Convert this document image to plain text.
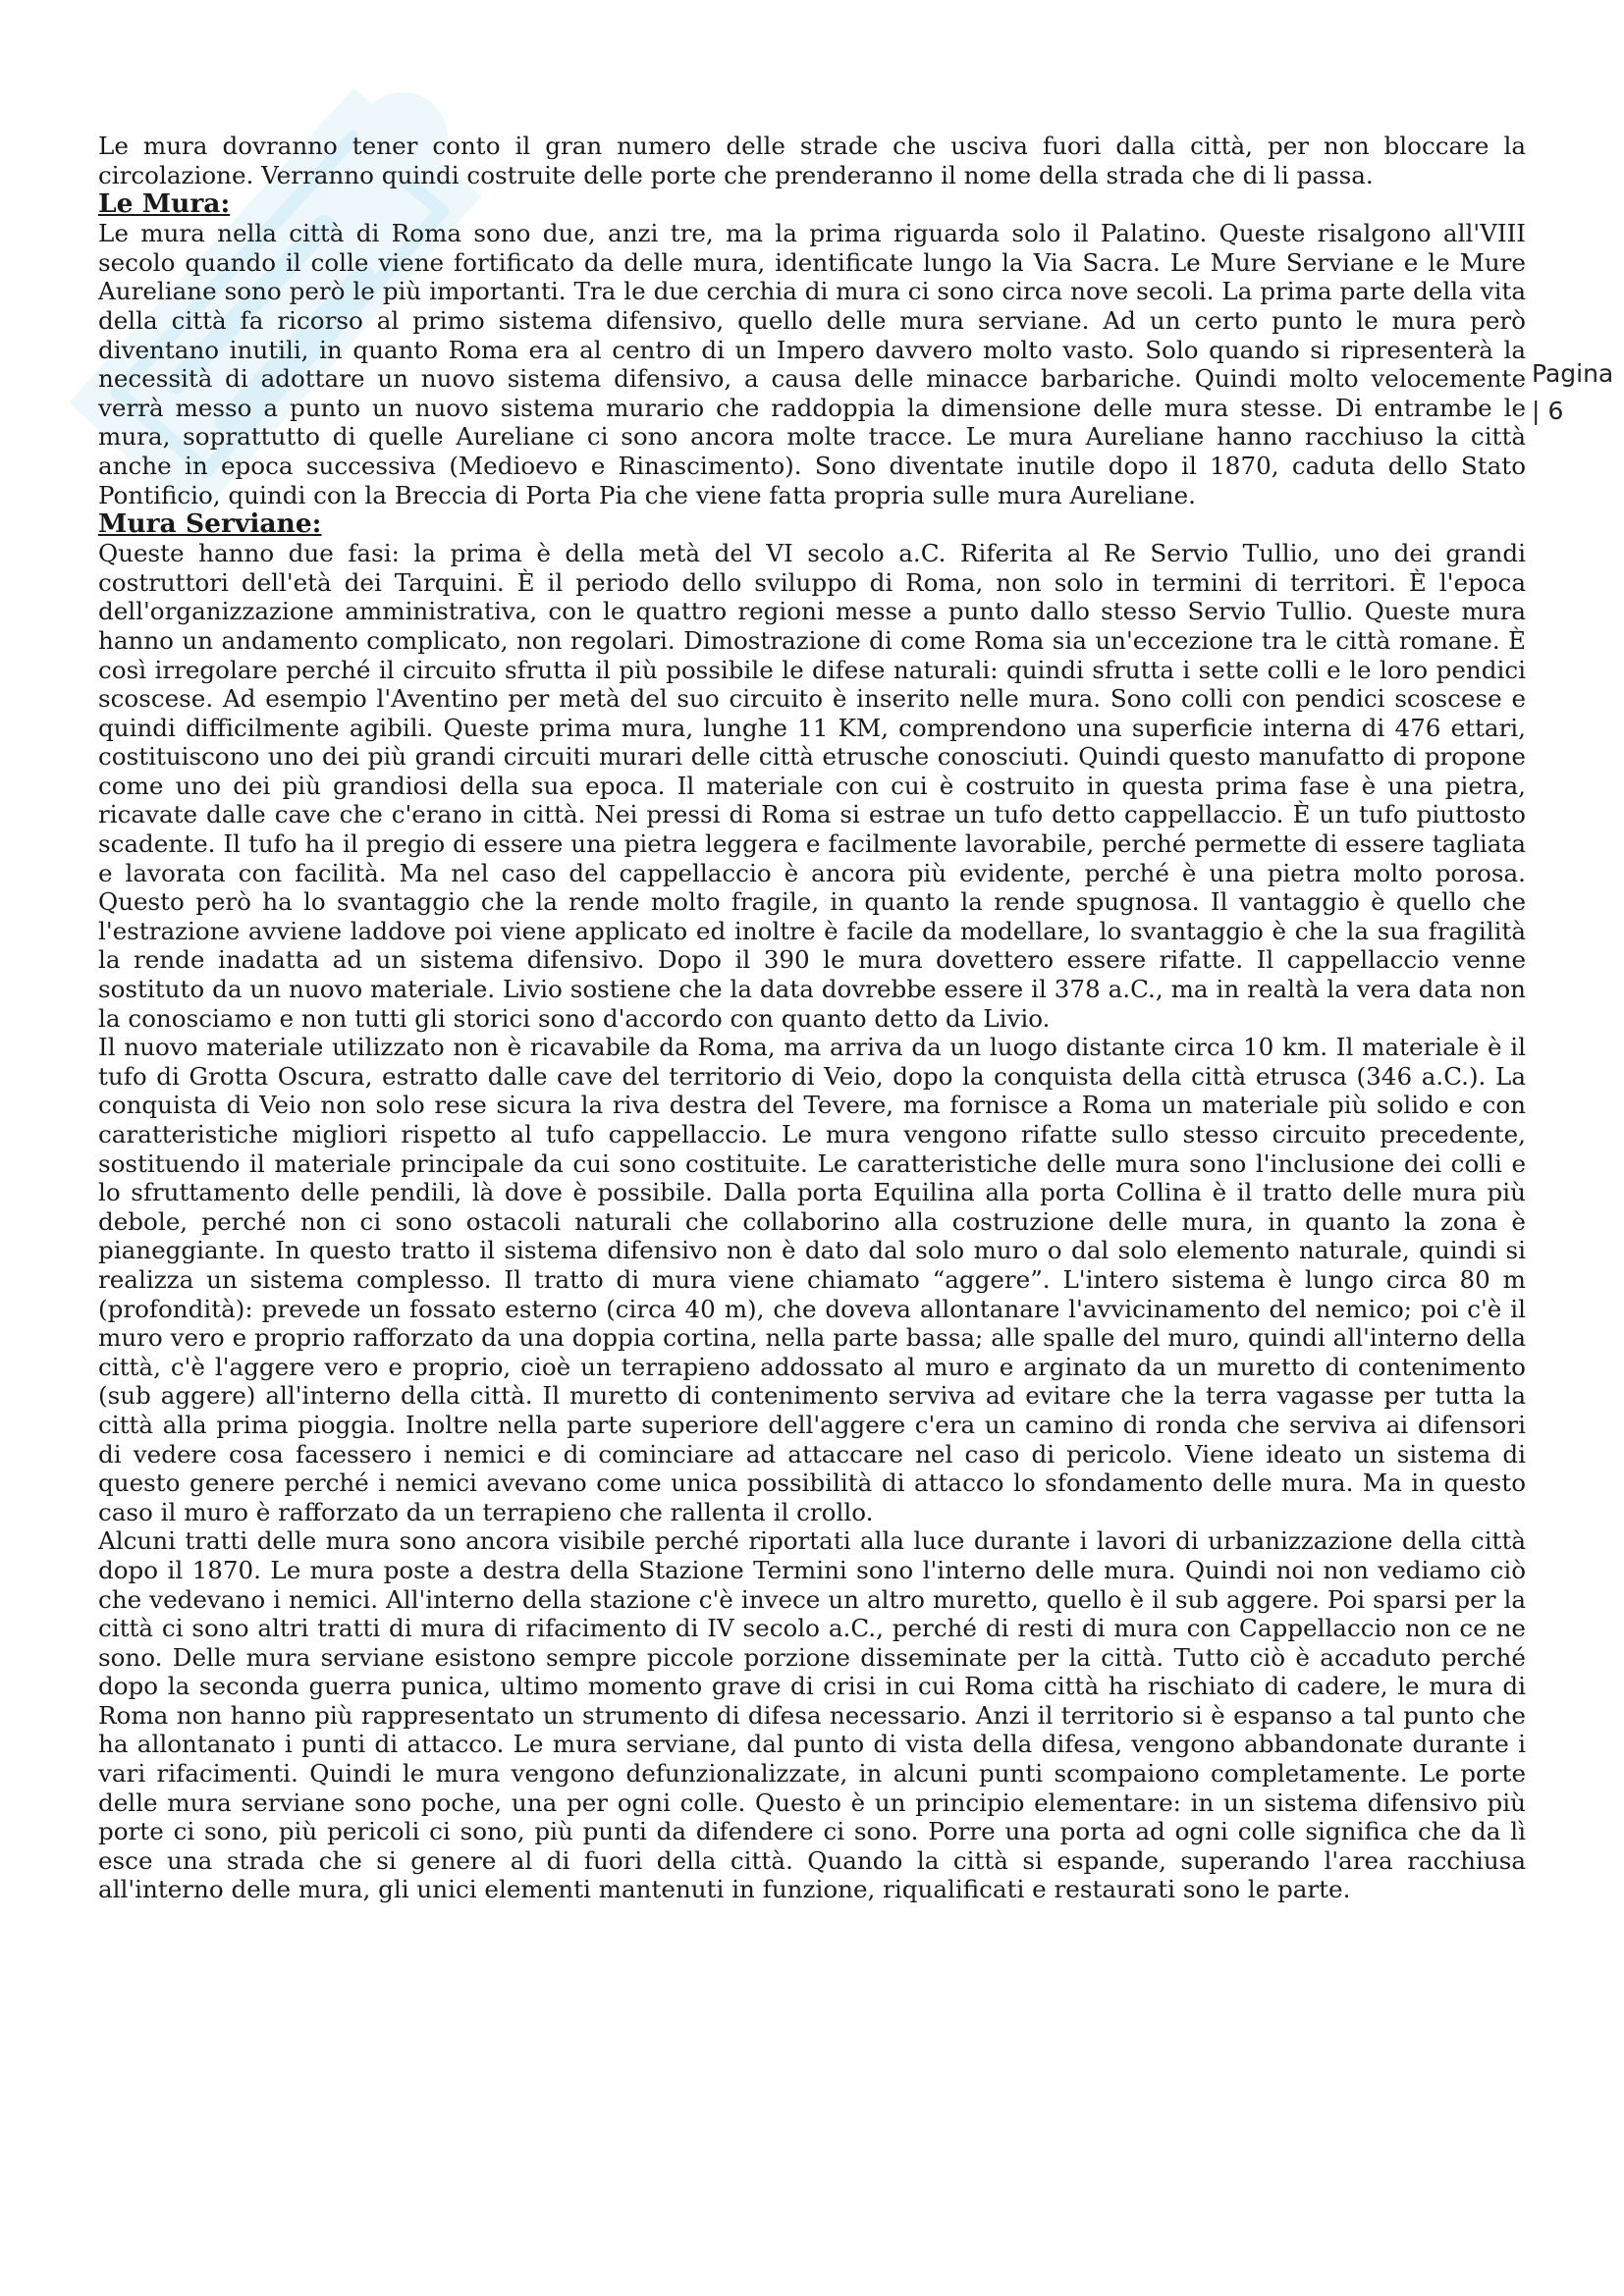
Pagina
| 6

Le mura dovranno tener conto il gran numero delle strade che usciva fuori dalla città, per non bloccare la circolazione. Verranno quindi costruite delle porte che prenderanno il nome della strada che di li passa.

Le Mura:

Le mura nella città di Roma sono due, anzi tre, ma la prima riguarda solo il Palatino. Queste risalgono all'VIII secolo quando il colle viene fortificato da delle mura, identificate lungo la Via Sacra. Le Mure Serviane e le Mure Aureliane sono però le più importanti. Tra le due cerchia di mura ci sono circa nove secoli. La prima parte della vita della città fa ricorso al primo sistema difensivo, quello delle mura serviane. Ad un certo punto le mura però diventano inutili, in quanto Roma era al centro di un Impero davvero molto vasto. Solo quando si ripresenterà la necessità di adottare un nuovo sistema difensivo, a causa delle minacce barbariche. Quindi molto velocemente verrà messo a punto un nuovo sistema murario che raddoppia la dimensione delle mura stesse. Di entrambe le mura, soprattutto di quelle Aureliane ci sono ancora molte tracce. Le mura Aureliane hanno racchiuso la città anche in epoca successiva (Medioevo e Rinascimento). Sono diventate inutile dopo il 1870, caduta dello Stato Pontificio, quindi con la Breccia di Porta Pia che viene fatta propria sulle mura Aureliane.

Mura Serviane:

Queste hanno due fasi: la prima è della metà del VI secolo a.C. Riferita al Re Servio Tullio, uno dei grandi costruttori dell'età dei Tarquini. È il periodo dello sviluppo di Roma, non solo in termini di territori. È l'epoca dell'organizzazione amministrativa, con le quattro regioni messe a punto dallo stesso Servio Tullio. Queste mura hanno un andamento complicato, non regolari. Dimostrazione di come Roma sia un'eccezione tra le città romane. È così irregolare perché il circuito sfrutta il più possibile le difese naturali: quindi sfrutta i sette colli e le loro pendici scoscese. Ad esempio l'Aventino per metà del suo circuito è inserito nelle mura. Sono colli con pendici scoscese e quindi difficilmente agibili. Queste prima mura, lunghe 11 KM, comprendono una superficie interna di 476 ettari, costituiscono uno dei più grandi circuiti murari delle città etrusche conosciuti. Quindi questo manufatto di propone come uno dei più grandiosi della sua epoca. Il materiale con cui è costruito in questa prima fase è una pietra, ricavate dalle cave che c'erano in città. Nei pressi di Roma si estrae un tufo detto cappellaccio. È un tufo piuttosto scadente. Il tufo ha il pregio di essere una pietra leggera e facilmente lavorabile, perché permette di essere tagliata e lavorata con facilità. Ma nel caso del cappellaccio è ancora più evidente, perché è una pietra molto porosa. Questo però ha lo svantaggio che la rende molto fragile, in quanto la rende spugnosa. Il vantaggio è quello che l'estrazione avviene laddove poi viene applicato ed inoltre è facile da modellare, lo svantaggio è che la sua fragilità la rende inadatta ad un sistema difensivo. Dopo il 390 le mura dovettero essere rifatte. Il cappellaccio venne sostituto da un nuovo materiale. Livio sostiene che la data dovrebbe essere il 378 a.C., ma in realtà la vera data non la conosciamo e non tutti gli storici sono d'accordo con quanto detto da Livio.

Il nuovo materiale utilizzato non è ricavabile da Roma, ma arriva da un luogo distante circa 10 km. Il materiale è il tufo di Grotta Oscura, estratto dalle cave del territorio di Veio, dopo la conquista della città etrusca (346 a.C.). La conquista di Veio non solo rese sicura la riva destra del Tevere, ma fornisce a Roma un materiale più solido e con caratteristiche migliori rispetto al tufo cappellaccio. Le mura vengono rifatte sullo stesso circuito precedente, sostituendo il materiale principale da cui sono costituite. Le caratteristiche delle mura sono l'inclusione dei colli e lo sfruttamento delle pendili, là dove è possibile. Dalla porta Equilina alla porta Collina è il tratto delle mura più debole, perché non ci sono ostacoli naturali che collaborino alla costruzione delle mura, in quanto la zona è pianeggiante. In questo tratto il sistema difensivo non è dato dal solo muro o dal solo elemento naturale, quindi si realizza un sistema complesso. Il tratto di mura viene chiamato “aggere”. L'intero sistema è lungo circa 80 m (profondità): prevede un fossato esterno (circa 40 m), che doveva allontanare l'avvicinamento del nemico; poi c'è il muro vero e proprio rafforzato da una doppia cortina, nella parte bassa; alle spalle del muro, quindi all'interno della città, c'è l'aggere vero e proprio, cioè un terrapieno addossato al muro e arginato da un muretto di contenimento (sub aggere) all'interno della città. Il muretto di contenimento serviva ad evitare che la terra vagasse per tutta la città alla prima pioggia. Inoltre nella parte superiore dell'aggere c'era un camino di ronda che serviva ai difensori di vedere cosa facessero i nemici e di cominciare ad attaccare nel caso di pericolo. Viene ideato un sistema di questo genere perché i nemici avevano come unica possibilità di attacco lo sfondamento delle mura. Ma in questo caso il muro è rafforzato da un terrapieno che rallenta il crollo.

Alcuni tratti delle mura sono ancora visibile perché riportati alla luce durante i lavori di urbanizzazione della città dopo il 1870. Le mura poste a destra della Stazione Termini sono l'interno delle mura. Quindi noi non vediamo ciò che vedevano i nemici. All'interno della stazione c'è invece un altro muretto, quello è il sub aggere. Poi sparsi per la città ci sono altri tratti di mura di rifacimento di IV secolo a.C., perché di resti di mura con Cappellaccio non ce ne sono. Delle mura serviane esistono sempre piccole porzione disseminate per la città. Tutto ciò è accaduto perché dopo la seconda guerra punica, ultimo momento grave di crisi in cui Roma città ha rischiato di cadere, le mura di Roma non hanno più rappresentato un strumento di difesa necessario. Anzi il territorio si è espanso a tal punto che ha allontanato i punti di attacco. Le mura serviane, dal punto di vista della difesa, vengono abbandonate durante i vari rifacimenti. Quindi le mura vengono defunzionalizzate, in alcuni punti scompaiono completamente. Le porte delle mura serviane sono poche, una per ogni colle. Questo è un principio elementare: in un sistema difensivo più porte ci sono, più pericoli ci sono, più punti da difendere ci sono. Porre una porta ad ogni colle significa che da lì esce una strada che si genere al di fuori della città. Quando la città si espande, superando l'area racchiusa all'interno delle mura, gli unici elementi mantenuti in funzione, riqualificati e restaurati sono le parte.
